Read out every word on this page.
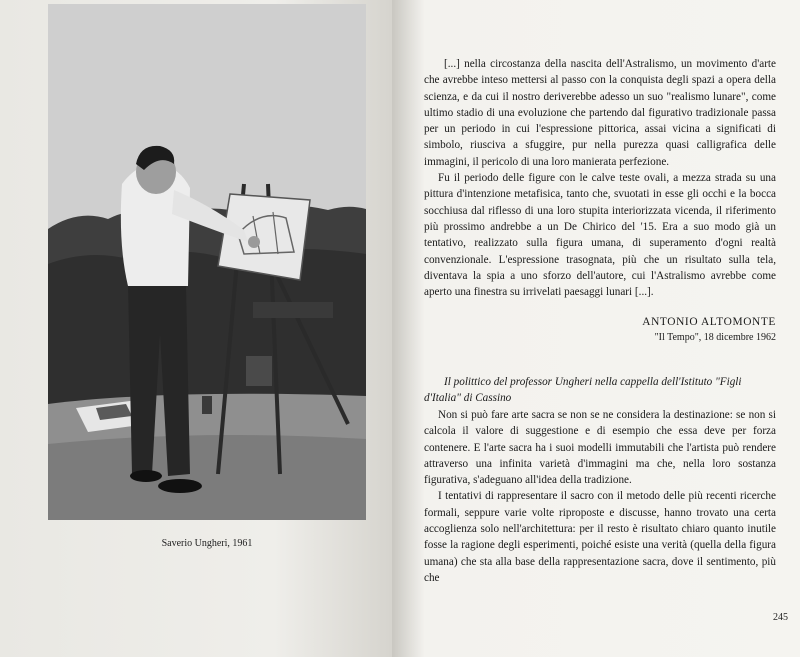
Saverio Ungheri, 1961

[...] nella circostanza della nascita dell'Astralismo, un movimento d'arte che avrebbe inteso mettersi al passo con la conquista degli spazi a opera della scienza, e da cui il nostro deriverebbe adesso un suo "realismo lunare", come ultimo stadio di una evoluzione che partendo dal figurativo tradizionale passa per un periodo in cui l'espressione pittorica, assai vicina a significati di simbolo, riusciva a sfuggire, pur nella purezza quasi calligrafica delle immagini, il pericolo di una loro manierata perfezione.

Fu il periodo delle figure con le calve teste ovali, a mezza strada su una pittura d'intenzione metafisica, tanto che, svuotati in esse gli occhi e la bocca socchiusa dal riflesso di una loro stupita interiorizzata vicenda, il riferimento più prossimo andrebbe a un De Chirico del '15. Era a suo modo già un tentativo, realizzato sulla figura umana, di superamento d'ogni realtà convenzionale. L'espressione trasognata, più che un risultato sulla tela, diventava la spia a uno sforzo dell'autore, cui l'Astralismo avrebbe come aperto una finestra su irrivelati paesaggi lunari [...].

ANTONIO ALTOMONTE
"Il Tempo", 18 dicembre 1962
Il polittico del professor Ungheri nella cappella dell'Istituto "Figli d'Italia" di Cassino

Non si può fare arte sacra se non se ne considera la destinazione: se non si calcola il valore di suggestione e di esempio che essa deve per forza contenere. E l'arte sacra ha i suoi modelli immutabili che l'artista può rendere attraverso una infinita varietà d'immagini ma che, nella loro sostanza figurativa, s'adeguano all'idea della tradizione.

I tentativi di rappresentare il sacro con il metodo delle più recenti ricerche formali, seppure varie volte riproposte e discusse, hanno trovato una certa accoglienza solo nell'architettura: per il resto è risultato chiaro quanto inutile fosse la ragione degli esperimenti, poiché esiste una verità (quella della figura umana) che sta alla base della rappresentazione sacra, dove il sentimento, più che

245
